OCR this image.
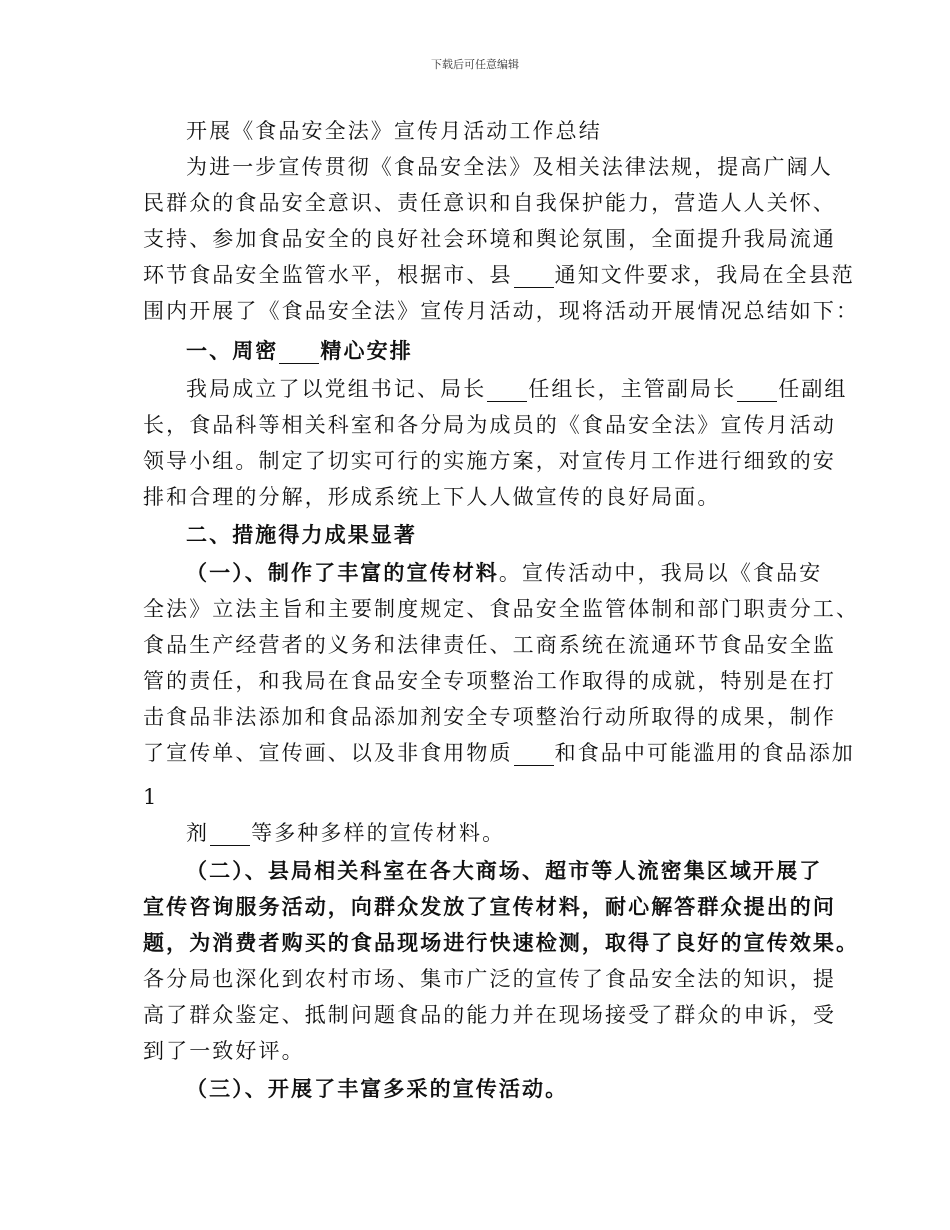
下载后可任意编辑
开展《食品安全法》宣传月活动工作总结
为进一步宣传贯彻《食品安全法》及相关法律法规，提高广阔人
民群众的食品安全意识、责任意识和自我保护能力，营造人人关怀、
支持、参加食品安全的良好社会环境和舆论氛围，全面提升我局流通
环节食品安全监管水平，根据市、县 通知文件要求，我局在全县范
围内开展了《食品安全法》宣传月活动，现将活动开展情况总结如下：
一、周密 精心安排
我局成立了以党组书记、局长 任组长，主管副局长 任副组
长，食品科等相关科室和各分局为成员的《食品安全法》宣传月活动
领导小组。制定了切实可行的实施方案，对宣传月工作进行细致的安
排和合理的分解，形成系统上下人人做宣传的良好局面。
二、措施得力成果显著
（一）、制作了丰富的宣传材料。宣传活动中，我局以《食品安
全法》立法主旨和主要制度规定、食品安全监管体制和部门职责分工、
食品生产经营者的义务和法律责任、工商系统在流通环节食品安全监
管的责任，和我局在食品安全专项整治工作取得的成就，特别是在打
击食品非法添加和食品添加剂安全专项整治行动所取得的成果，制作
了宣传单、宣传画、以及非食用物质 和食品中可能滥用的食品添加
1
剂 等多种多样的宣传材料。
（二）、县局相关科室在各大商场、超市等人流密集区域开展了
宣传咨询服务活动，向群众发放了宣传材料，耐心解答群众提出的问
题，为消费者购买的食品现场进行快速检测，取得了良好的宣传效果。
各分局也深化到农村市场、集市广泛的宣传了食品安全法的知识，提
高了群众鉴定、抵制问题食品的能力并在现场接受了群众的申诉，受
到了一致好评。
（三）、开展了丰富多采的宣传活动。
